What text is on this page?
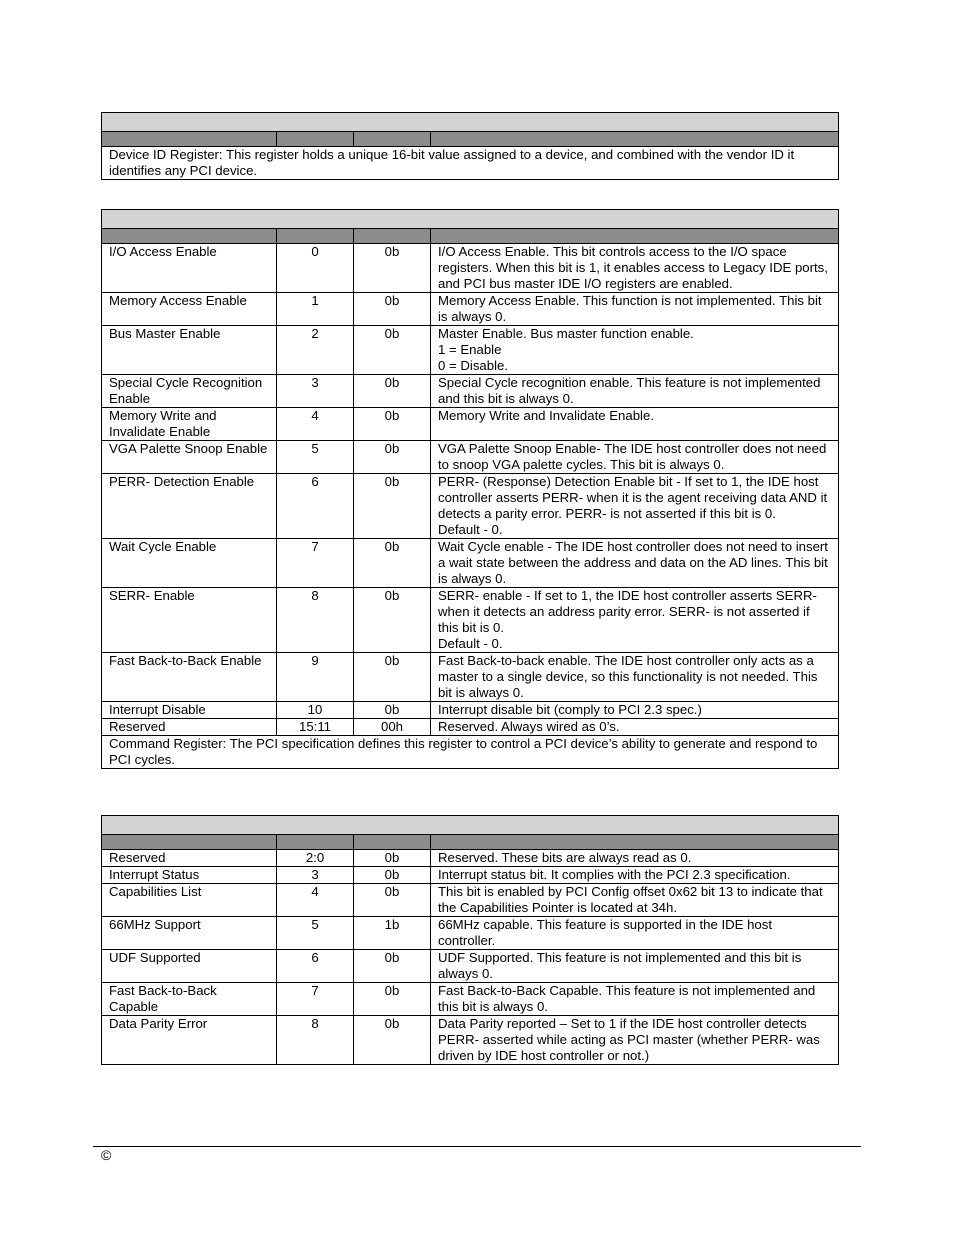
Device ID Register: This register holds a unique 16-bit value assigned to a device, and combined with the vendor ID it identifies any PCI device.

I/O Access Enable	0	0b	I/O Access Enable. This bit controls access to the I/O space registers. When this bit is 1, it enables access to Legacy IDE ports, and PCI bus master IDE I/O registers are enabled.
Memory Access Enable	1	0b	Memory Access Enable. This function is not implemented. This bit is always 0.
Bus Master Enable	2	0b	Master Enable. Bus master function enable.
1 = Enable
0 = Disable.
Special Cycle Recognition Enable	3	0b	Special Cycle recognition enable. This feature is not implemented and this bit is always 0.
Memory Write and Invalidate Enable	4	0b	Memory Write and Invalidate Enable.
VGA Palette Snoop Enable	5	0b	VGA Palette Snoop Enable- The IDE host controller does not need to snoop VGA palette cycles. This bit is always 0.
PERR- Detection Enable	6	0b	PERR- (Response) Detection Enable bit - If set to 1, the IDE host controller asserts PERR- when it is the agent receiving data AND it detects a parity error. PERR- is not asserted if this bit is 0.
Default - 0.
Wait Cycle Enable	7	0b	Wait Cycle enable - The IDE host controller does not need to insert a wait state between the address and data on the AD lines. This bit is always 0.
SERR- Enable	8	0b	SERR- enable - If set to 1, the IDE host controller asserts SERR- when it detects an address parity error. SERR- is not asserted if this bit is 0.
Default - 0.
Fast Back-to-Back Enable	9	0b	Fast Back-to-back enable. The IDE host controller only acts as a master to a single device, so this functionality is not needed. This bit is always 0.
Interrupt Disable	10	0b	Interrupt disable bit (comply to PCI 2.3 spec.)
Reserved	15:11	00h	Reserved. Always wired as 0’s.
Command Register: The PCI specification defines this register to control a PCI device’s ability to generate and respond to PCI cycles.			

Reserved	2:0	0b	Reserved. These bits are always read as 0.
Interrupt Status	3	0b	Interrupt status bit. It complies with the PCI 2.3 specification.
Capabilities List	4	0b	This bit is enabled by PCI Config offset 0x62 bit 13 to indicate that the Capabilities Pointer is located at 34h.
66MHz Support	5	1b	66MHz capable. This feature is supported in the IDE host controller.
UDF Supported	6	0b	UDF Supported. This feature is not implemented and this bit is always 0.
Fast Back-to-Back Capable	7	0b	Fast Back-to-Back Capable. This feature is not implemented and this bit is always 0.
Data Parity Error	8	0b	Data Parity reported – Set to 1 if the IDE host controller detects PERR- asserted while acting as PCI master (whether PERR- was driven by IDE host controller or not.)
©
